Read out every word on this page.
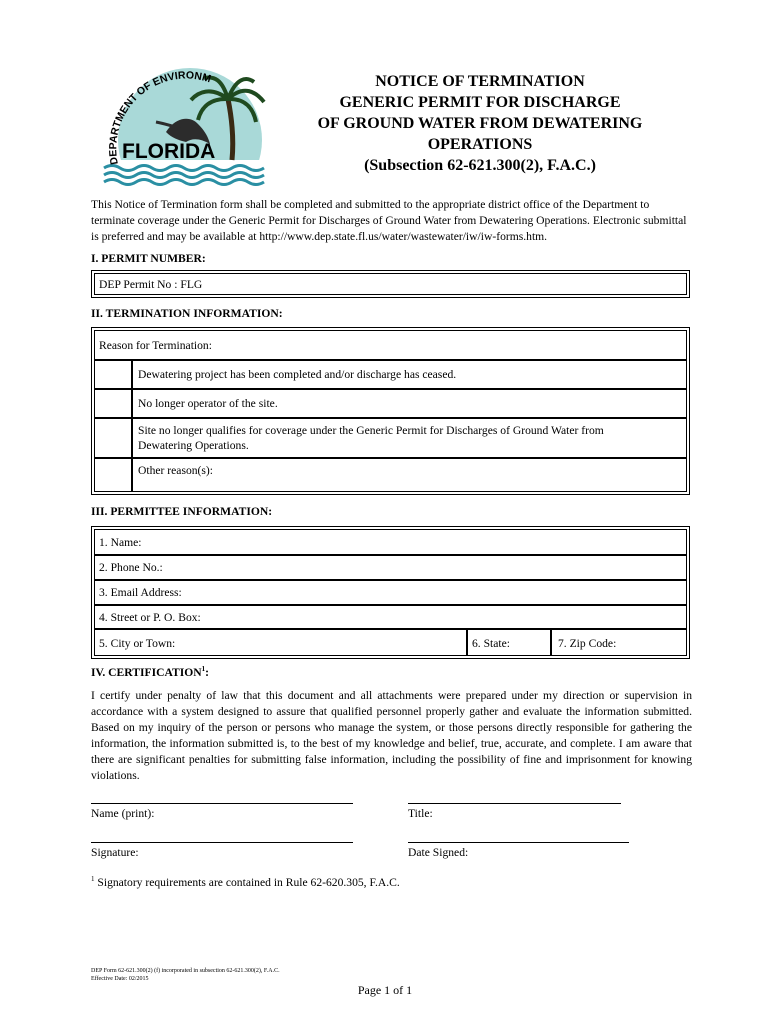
DEPARTMENT OF ENVIRONM
FLORIDA
NOTICE OF TERMINATION
GENERIC PERMIT FOR DISCHARGE
OF GROUND WATER FROM DEWATERING
OPERATIONS
(Subsection 62-621.300(2), F.A.C.)
This Notice of Termination form shall be completed and submitted to the appropriate district office of the Department to terminate coverage under the Generic Permit for Discharges of Ground Water from Dewatering Operations. Electronic submittal is preferred and may be available at http://www.dep.state.fl.us/water/wastewater/iw/iw-forms.htm.
I. PERMIT NUMBER:
DEP Permit No : FLG
II. TERMINATION INFORMATION:
Reason for Termination:
Dewatering project has been completed and/or discharge has ceased.
No longer operator of the site.
Site no longer qualifies for coverage under the Generic Permit for Discharges of Ground Water from
Dewatering Operations.
Other reason(s):
III. PERMITTEE INFORMATION:
1. Name:
2. Phone No.:
3. Email Address:
4. Street or P. O. Box:
5. City or Town:	6. State:	7. Zip Code:
IV. CERTIFICATION$^1$:
I certify under penalty of law that this document and all attachments were prepared under my direction or supervision in accordance with a system designed to assure that qualified personnel properly gather and evaluate the information submitted. Based on my inquiry of the person or persons who manage the system, or those persons directly responsible for gathering the information, the information submitted is, to the best of my knowledge and belief, true, accurate, and complete. I am aware that there are significant penalties for submitting false information, including the possibility of fine and imprisonment for knowing violations.
Name (print):	Title:
Signature:	Date Signed:
$^1$ Signatory requirements are contained in Rule 62-620.305, F.A.C.
DEP Form 62-621.300(2) (f) incorporated in subsection 62-621.300(2), F.A.C.
Effective Date: 02/2015
Page 1 of 1
